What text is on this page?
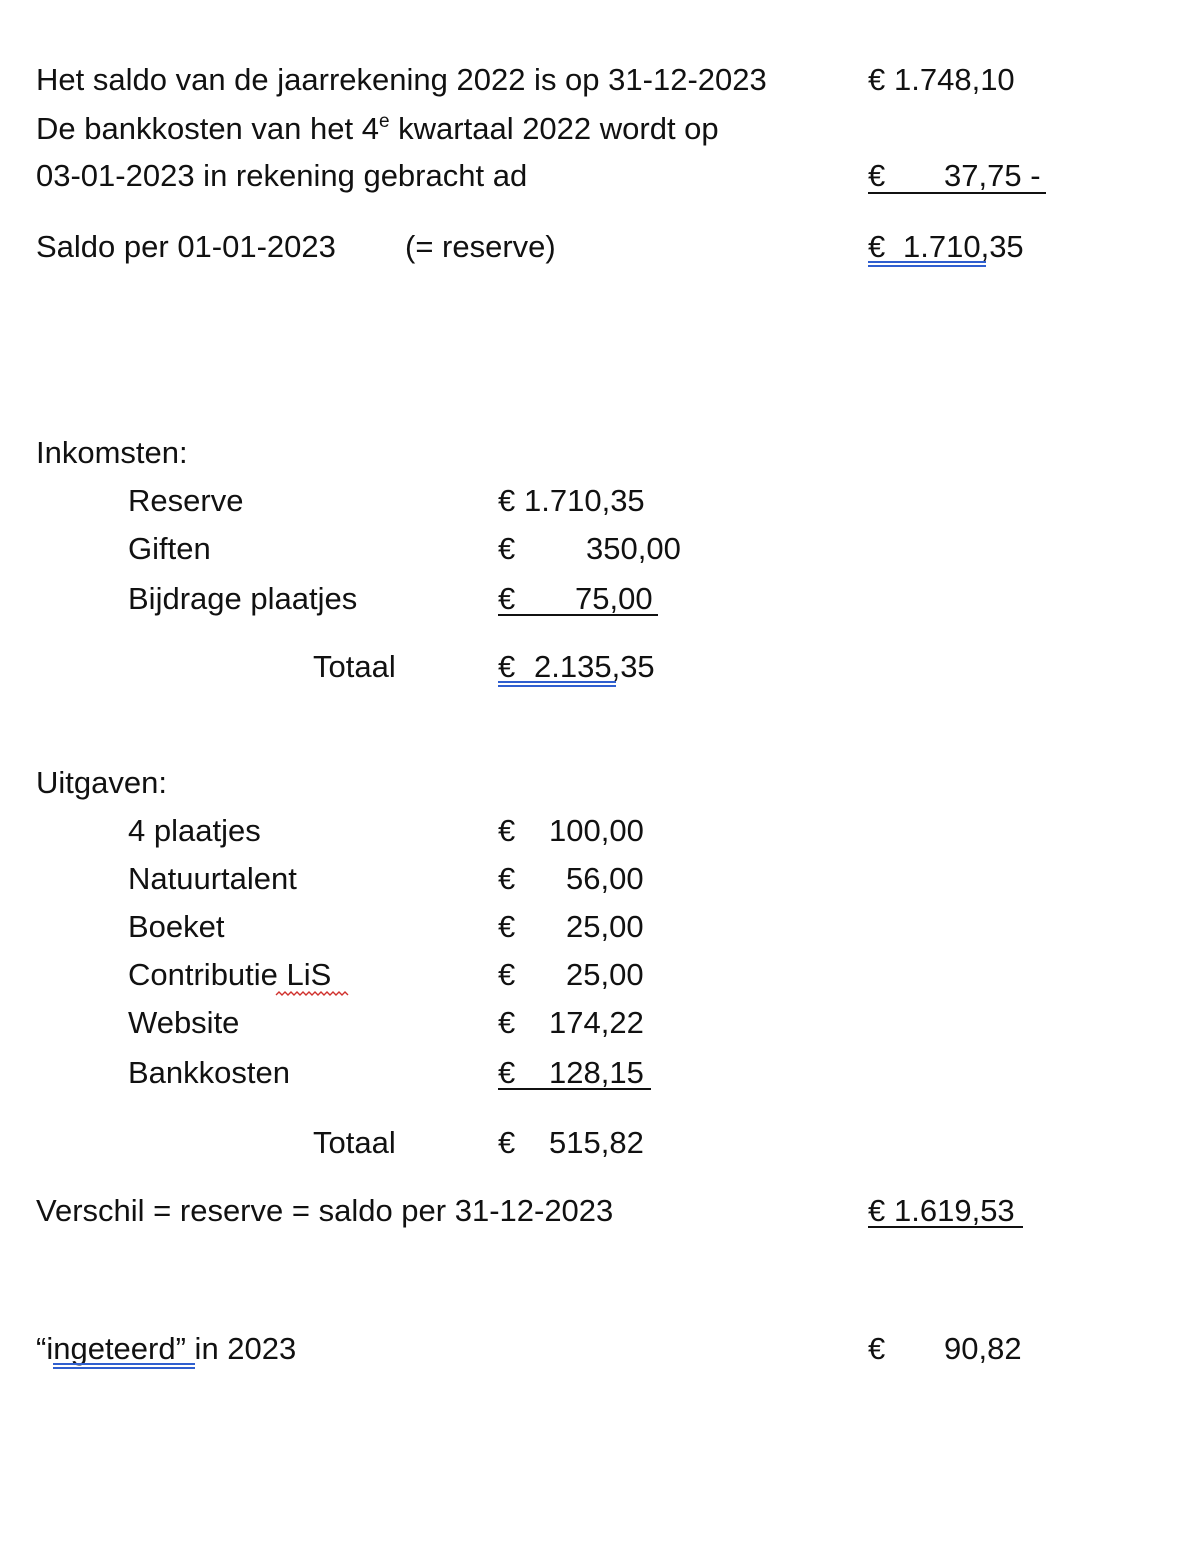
Het saldo van de jaarrekening 2022 is op 31-12-2023	€ 1.748,10
De bankkosten van het 4e kwartaal 2022 wordt op
03-01-2023 in rekening gebracht ad	€ 37,75 -
Saldo per 01-01-2023 (= reserve)	€ 1.710,35
Inkomsten:
Reserve	€ 1.710,35
Giften	€ 350,00
Bijdrage plaatjes	€ 75,00
Totaal	€ 2.135,35
Uitgaven:
4 plaatjes	€ 100,00
Natuurtalent	€ 56,00
Boeket	€ 25,00
Contributie LiS	€ 25,00
Website	€ 174,22
Bankkosten	€ 128,15
Totaal	€ 515,82
Verschil = reserve = saldo per 31-12-2023	€ 1.619,53
“ingeteerd” in 2023	€ 90,82
